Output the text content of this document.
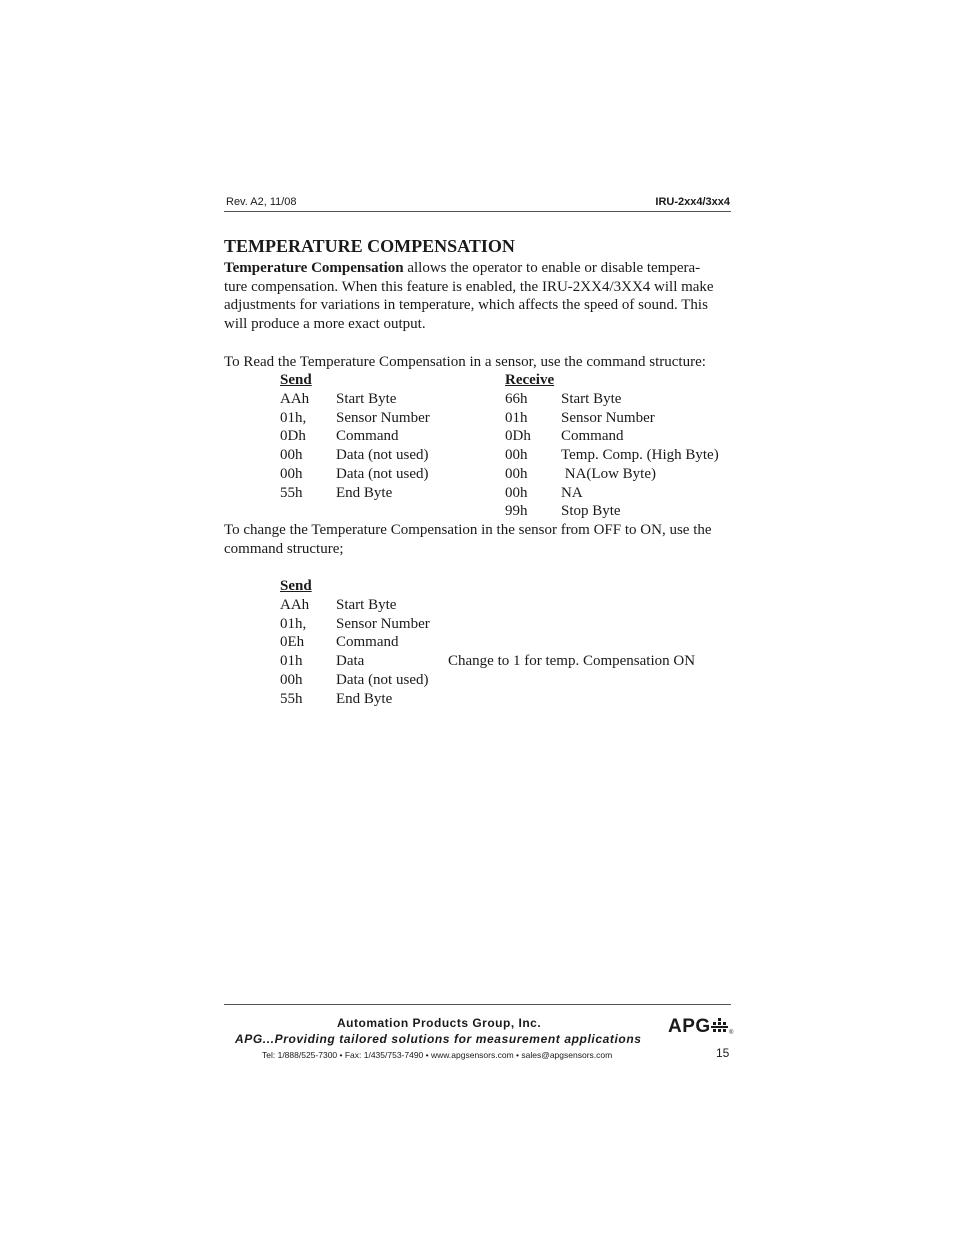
Rev. A2, 11/08	IRU-2xx4/3xx4
TEMPERATURE COMPENSATION
Temperature Compensation allows the operator to enable or disable tempera-
ture compensation. When this feature is enabled, the IRU-2XX4/3XX4 will make
adjustments for variations in temperature, which affects the speed of sound. This
will produce a more exact output.
To Read the Temperature Compensation in a sensor, use the command structure:
Send
AAh Start Byte
01h, Sensor Number
0Dh Command
00h Data (not used)
00h Data (not used)
55h End Byte
Receive
66h Start Byte
01h Sensor Number
0Dh Command
00h Temp. Comp. (High Byte)
00h NA(Low Byte)
00h NA
99h Stop Byte
To change the Temperature Compensation in the sensor from OFF to ON, use the
command structure;
Send
AAh Start Byte
01h, Sensor Number
0Eh Command
01h Data	Change to 1 for temp. Compensation ON
00h Data (not used)
55h End Byte
Automation Products Group, Inc.
APG...Providing tailored solutions for measurement applications
Tel: 1/888/525-7300 • Fax: 1/435/753-7490 • www.apgsensors.com • sales@apgsensors.com	15
APG	®
